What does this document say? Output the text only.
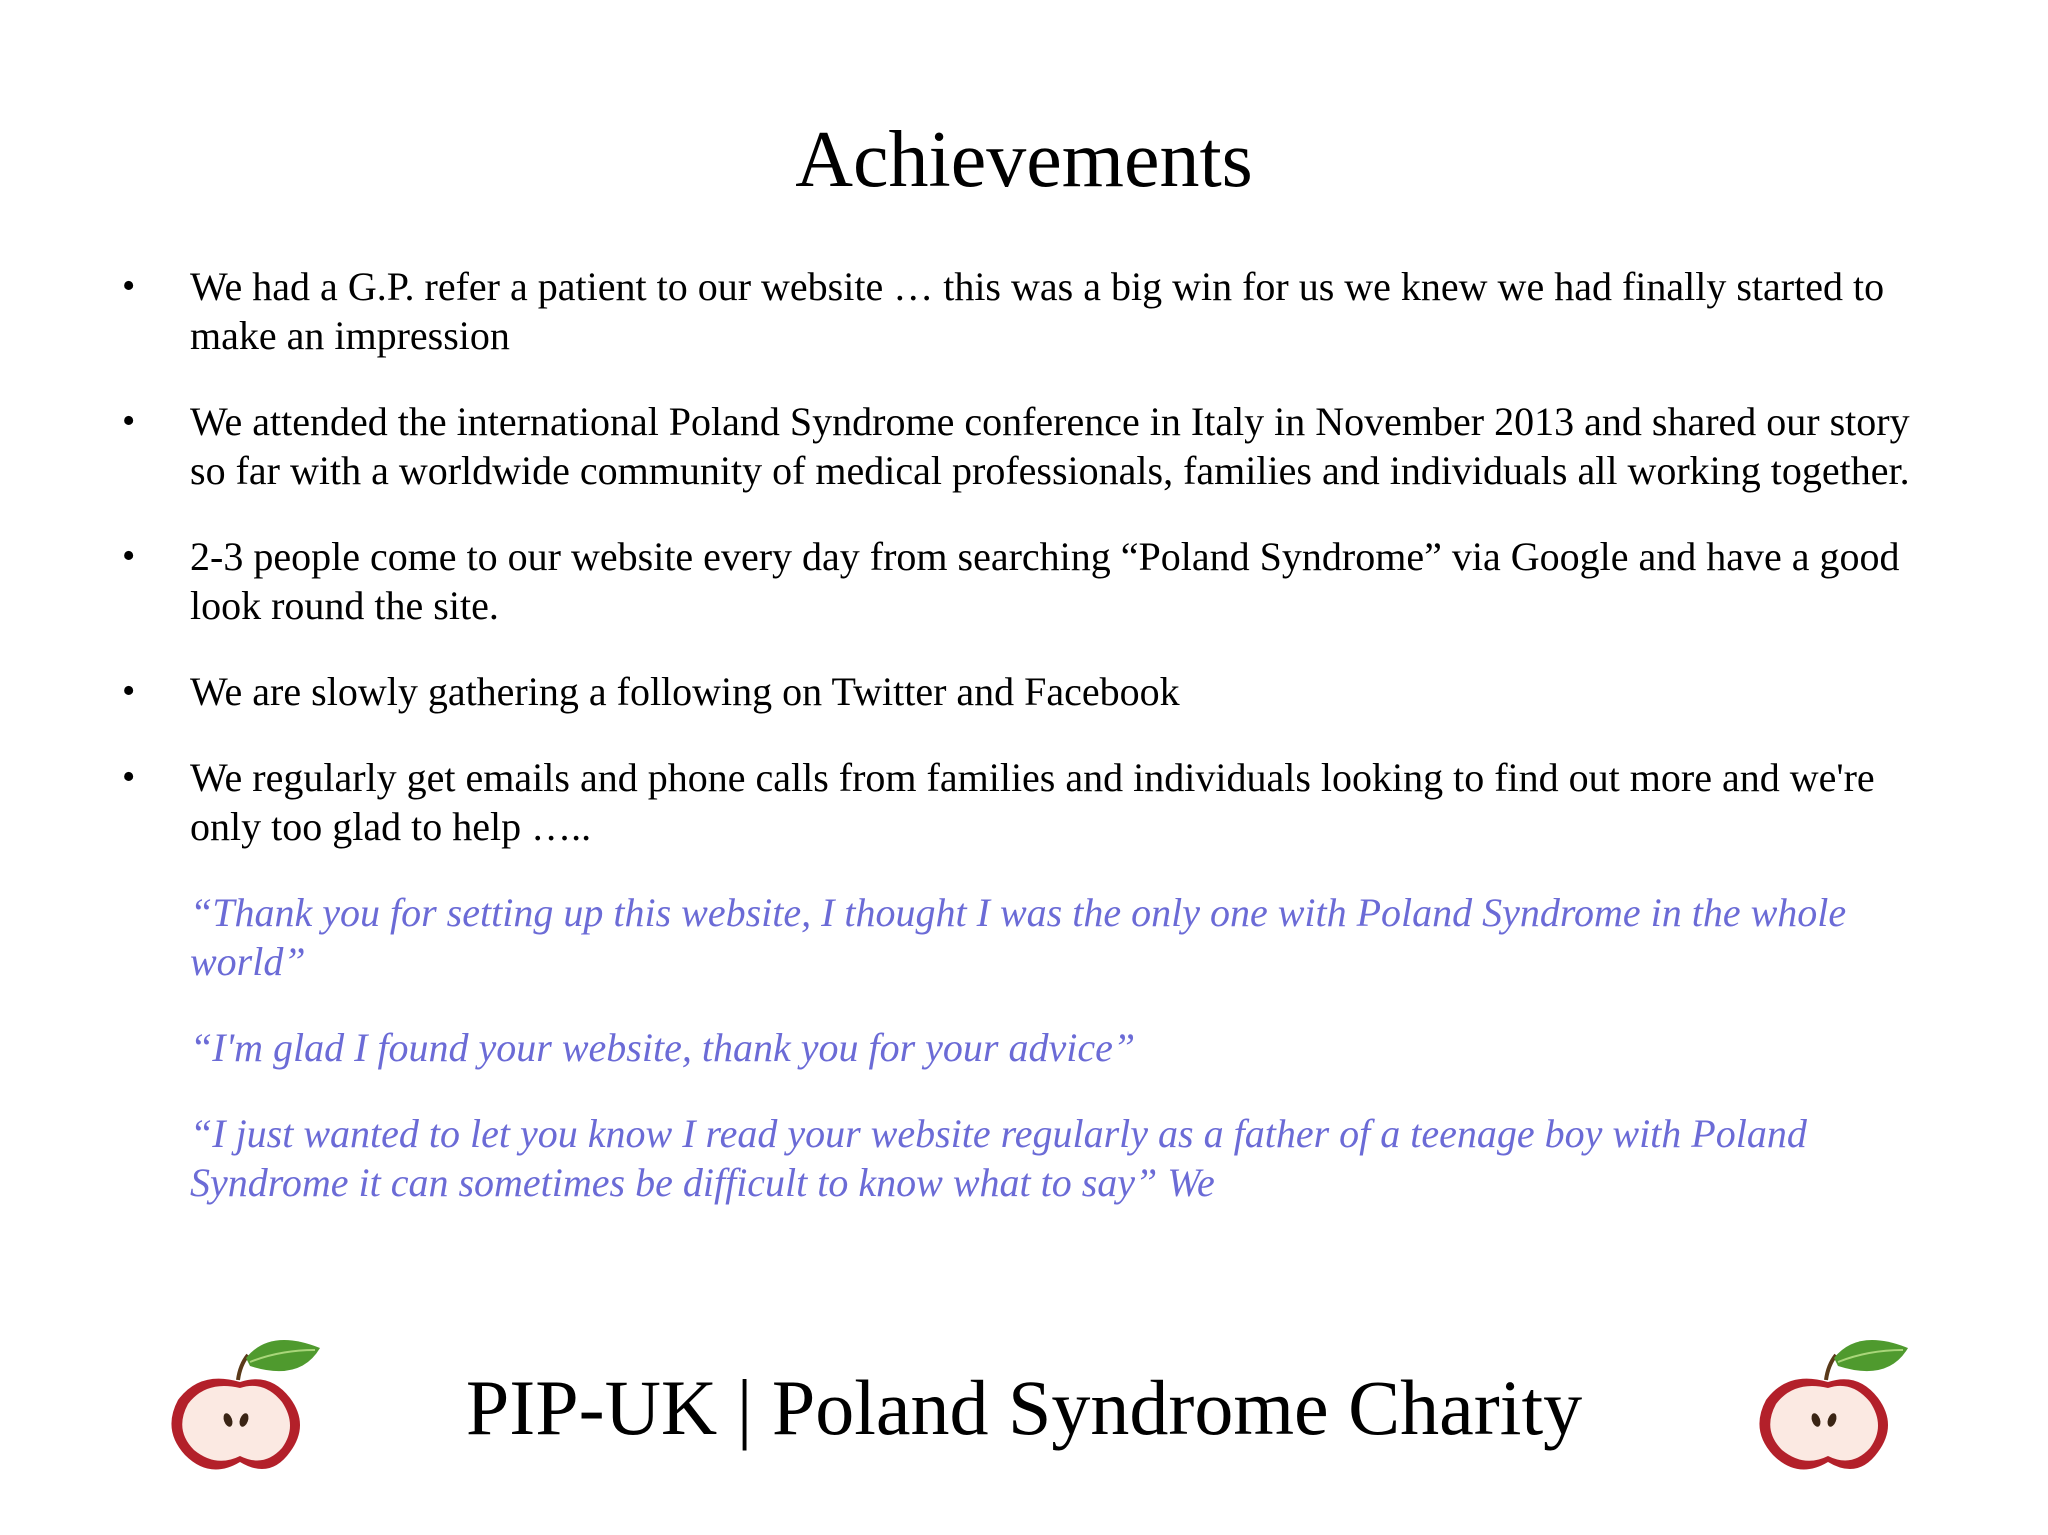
Achievements
• We had a G.P. refer a patient to our website … this was a big win for us we knew we had finally started to make an impression
• We attended the international Poland Syndrome conference in Italy in November 2013 and shared our story so far with a worldwide community of medical professionals, families and individuals all working together.
• 2-3 people come to our website every day from searching “Poland Syndrome” via Google and have a good look round the site.
• We are slowly gathering a following on Twitter and Facebook
• We regularly get emails and phone calls from families and individuals looking to find out more and we're only too glad to help …..
“Thank you for setting up this website, I thought I was the only one with Poland Syndrome in the whole world”
“I'm glad I found your website, thank you for your advice”
“I just wanted to let you know I read your website regularly as a father of a teenage boy with Poland Syndrome it can sometimes be difficult to know what to say” We
PIP-UK | Poland Syndrome Charity
